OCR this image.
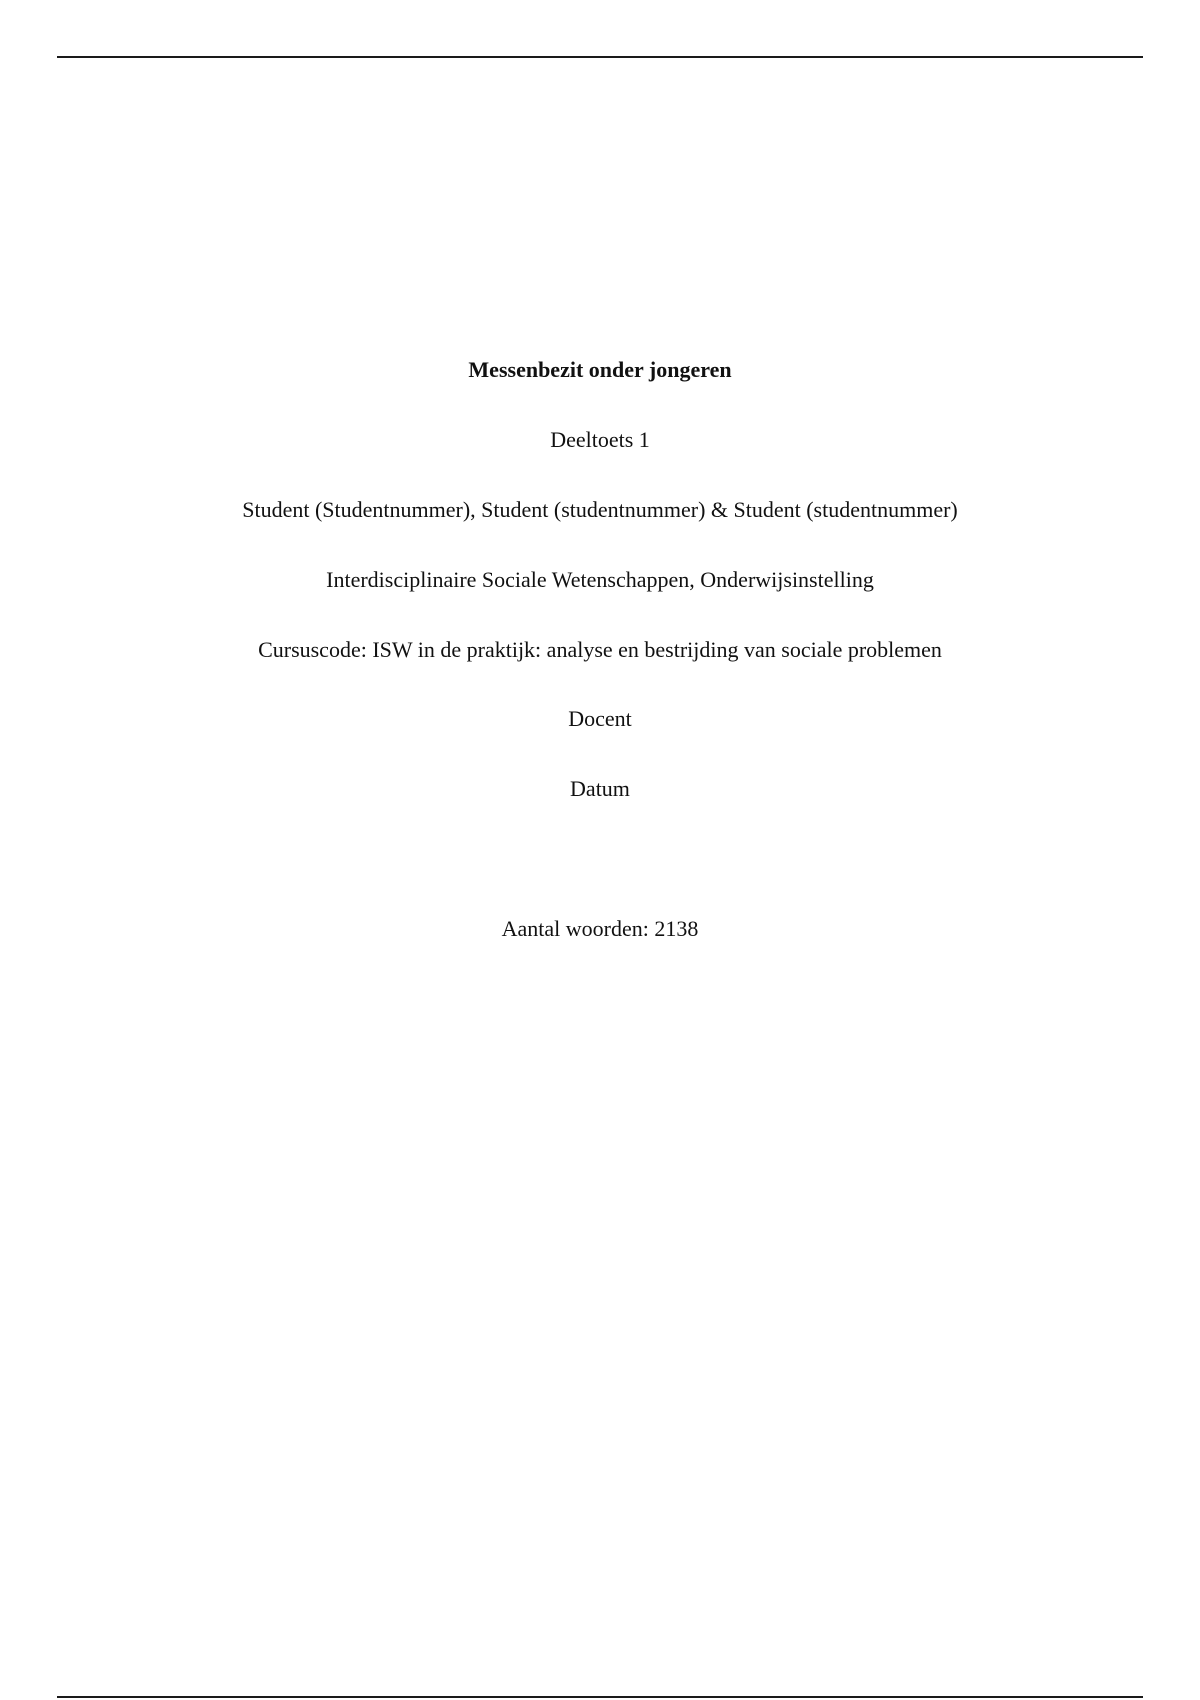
Messenbezit onder jongeren
Deeltoets 1
Student (Studentnummer), Student (studentnummer) & Student (studentnummer)
Interdisciplinaire Sociale Wetenschappen, Onderwijsinstelling
Cursuscode: ISW in de praktijk: analyse en bestrijding van sociale problemen
Docent
Datum
Aantal woorden: 2138
